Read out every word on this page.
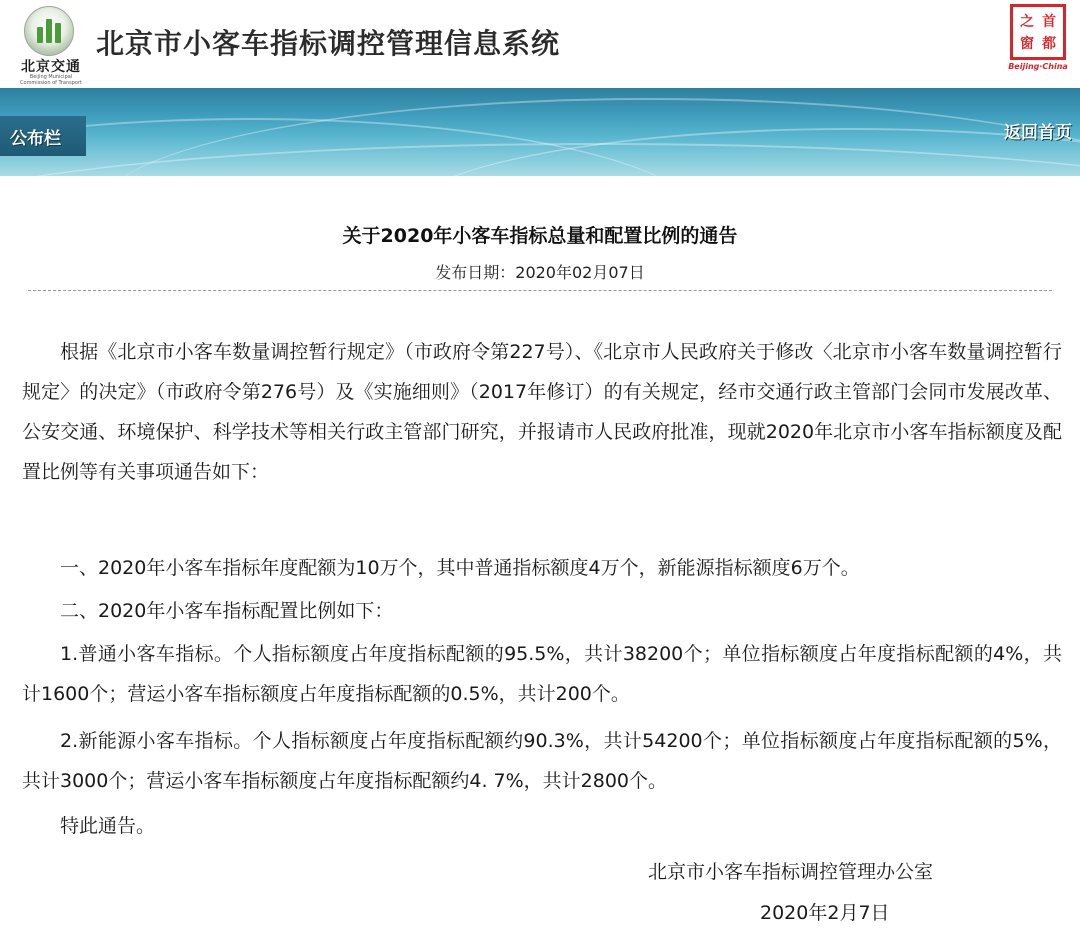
北京交通
Beijing Municipal Commission of Transport
北京市小客车指标调控管理信息系统
首
都
之
窗
Beijing·China
公布栏	返回首页
关于2020年小客车指标总量和配置比例的通告
发布日期：2020年02月07日
根据《北京市小客车数量调控暂行规定》（市政府令第227号）、《北京市人民政府关于修改〈北京市小客车数量调控暂行规定〉的决定》（市政府令第276号）及《实施细则》（2017年修订）的有关规定，经市交通行政主管部门会同市发展改革、公安交通、环境保护、科学技术等相关行政主管部门研究，并报请市人民政府批准，现就2020年北京市小客车指标额度及配置比例等有关事项通告如下：
一、2020年小客车指标年度配额为10万个，其中普通指标额度4万个，新能源指标额度6万个。
二、2020年小客车指标配置比例如下：
1.普通小客车指标。个人指标额度占年度指标配额的95.5%，共计38200个；单位指标额度占年度指标配额的4%，共计1600个；营运小客车指标额度占年度指标配额的0.5%，共计200个。
2.新能源小客车指标。个人指标额度占年度指标配额约90.3%，共计54200个；单位指标额度占年度指标配额的5%，共计3000个；营运小客车指标额度占年度指标配额约4. 7%，共计2800个。
特此通告。
北京市小客车指标调控管理办公室
2020年2月7日
